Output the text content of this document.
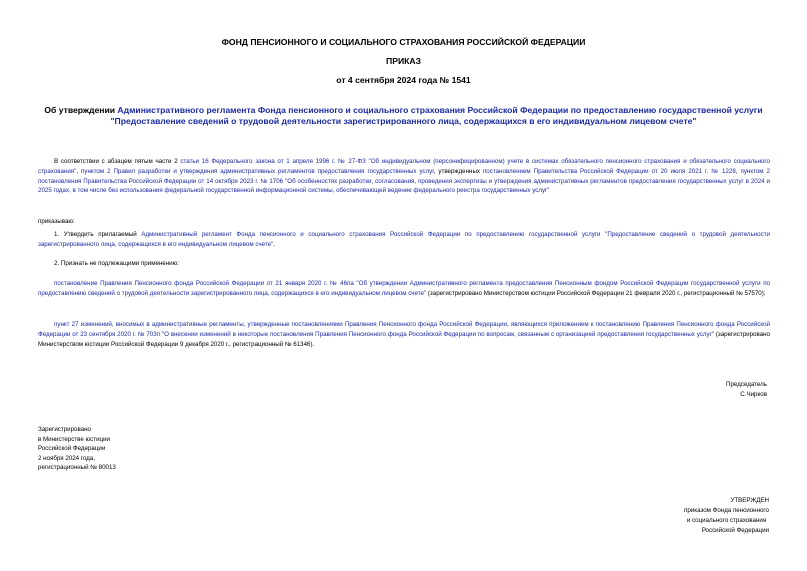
ФОНД ПЕНСИОННОГО И СОЦИАЛЬНОГО СТРАХОВАНИЯ РОССИЙСКОЙ ФЕДЕРАЦИИ
ПРИКАЗ
от 4 сентября 2024 года № 1541
Об утверждении Административного регламента Фонда пенсионного и социального страхования Российской Федерации по предоставлению государственной услуги "Предоставление сведений о трудовой деятельности зарегистрированного лица, содержащихся в его индивидуальном лицевом счете"
В соответствии с абзацем пятым части 2 статьи 16 Федерального закона от 1 апреля 1996 г. № 27-ФЗ "Об индивидуальном (персонифицированном) учете в системах обязательного пенсионного страхования и обязательного социального страхования", пунктом 2 Правил разработки и утверждения административных регламентов предоставления государственных услуг, утвержденных постановлением Правительства Российской Федерации от 20 июля 2021 г. № 1228, пунктом 2 постановления Правительства Российской Федерации от 14 октября 2023 г. № 1706 "Об особенностях разработки, согласования, проведения экспертизы и утверждения административных регламентов предоставления государственных услуг в 2024 и 2025 годах, в том числе без использования федеральной государственной информационной системы, обеспечивающей ведение федерального реестра государственных услуг"
приказываю:
1. Утвердить прилагаемый Административный регламент Фонда пенсионного и социального страхования Российской Федерации по предоставлению государственной услуги "Предоставление сведений о трудовой деятельности зарегистрированного лица, содержащихся в его индивидуальном лицевом счете".
2. Признать не подлежащими применению:
постановление Правления Пенсионного фонда Российской Федерации от 21 января 2020 г. № 46па "Об утверждении Административного регламента предоставления Пенсионным фондом Российской Федерации государственной услуги по предоставлению сведений о трудовой деятельности зарегистрированного лица, содержащихся в его индивидуальном лицевом счете" (зарегистрировано Министерством юстиции Российской Федерации 21 февраля 2020 г., регистрационный № 57570);
пункт 27 изменений, вносимых в административные регламенты, утвержденные постановлениями Правления Пенсионного фонда Российской Федерации, являющихся приложением к постановлению Правления Пенсионного фонда Российской Федерации от 23 сентября 2020 г. № 703п "О внесении изменений в некоторые постановления Правления Пенсионного фонда Российской Федерации по вопросам, связанным с организацией предоставления государственных услуг" (зарегистрировано Министерством юстиции Российской Федерации 9 декабря 2020 г., регистрационный № 61346).
Председатель
С.Чирков
Зарегистрировано
в Министерстве юстиции
Российской Федерации
2 ноября 2024 года,
регистрационный № 80013
УТВЕРЖДЕН
приказом Фонда пенсионного
и социального страхования
Российской Федерации
